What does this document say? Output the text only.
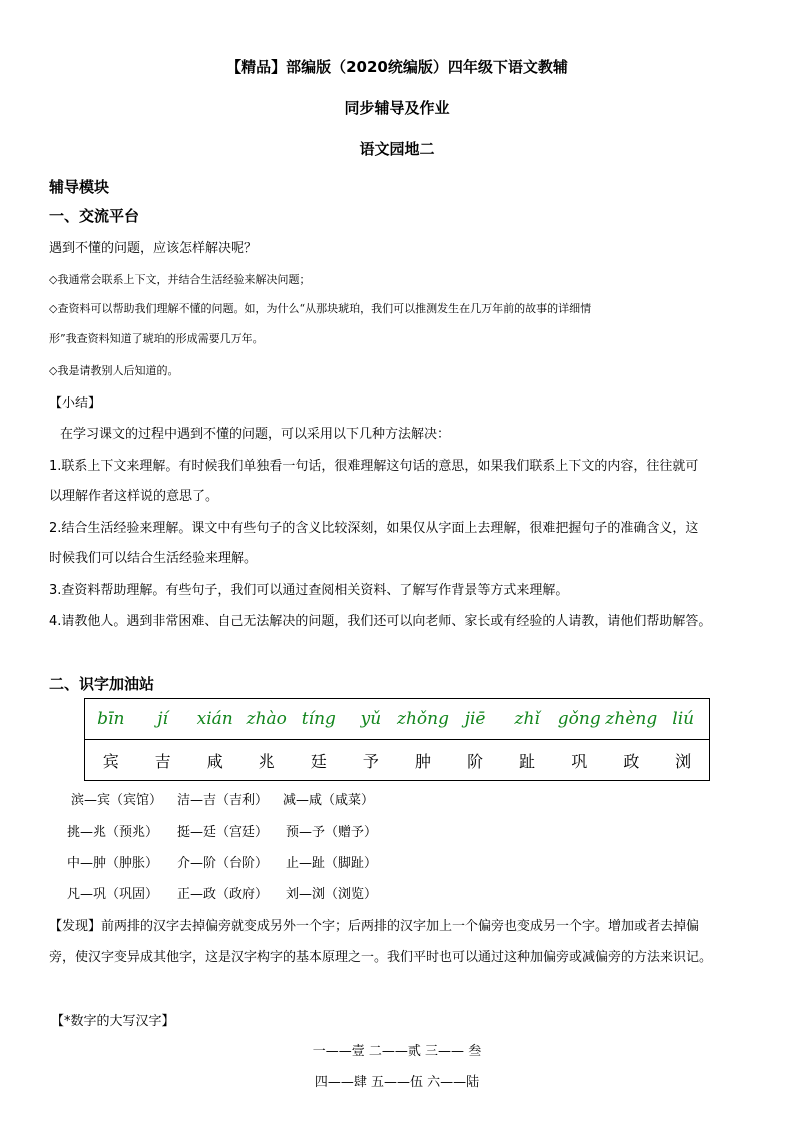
【精品】部编版（2020统编版）四年级下语文教辅
同步辅导及作业
语文园地二
辅导模块
一、交流平台
遇到不懂的问题，应该怎样解决呢？
◇我通常会联系上下文，并结合生活经验来解决问题；
◇查资料可以帮助我们理解不懂的问题。如，为什么“从那块琥珀，我们可以推测发生在几万年前的故事的详细情
形”我查资料知道了琥珀的形成需要几万年。
◇我是请教别人后知道的。
【小结】
在学习课文的过程中遇到不懂的问题，可以采用以下几种方法解决：
1.联系上下文来理解。有时候我们单独看一句话，很难理解这句话的意思，如果我们联系上下文的内容，往往就可
以理解作者这样说的意思了。
2.结合生活经验来理解。课文中有些句子的含义比较深刻，如果仅从字面上去理解，很难把握句子的准确含义，这
时候我们可以结合生活经验来理解。
3.查资料帮助理解。有些句子，我们可以通过查阅相关资料、了解写作背景等方式来理解。
4.请教他人。遇到非常困难、自己无法解决的问题，我们还可以向老师、家长或有经验的人请教，请他们帮助解答。
二、识字加油站
bīn	jí	xián	zhào	tíng	yǔ	zhǒng	jiē	zhǐ	gǒng	zhèng	liú
宾	吉	咸	兆	廷	予	肿	阶	趾	巩	政	浏
滨—宾（宾馆） 洁—吉（吉利） 减—咸（咸菜）
挑—兆（预兆） 挺—廷（宫廷） 预—予（赠予）
中—肿（肿胀） 介—阶（台阶） 止—趾（脚趾）
凡—巩（巩固） 正—政（政府） 刘—浏（浏览）
【发现】前两排的汉字去掉偏旁就变成另外一个字；后两排的汉字加上一个偏旁也变成另一个字。增加或者去掉偏
旁，使汉字变异成其他字，这是汉字构字的基本原理之一。我们平时也可以通过这种加偏旁或减偏旁的方法来识记。
【*数字的大写汉字】
一——壹 二——贰 三—— 叁
四——肆 五——伍 六——陆
